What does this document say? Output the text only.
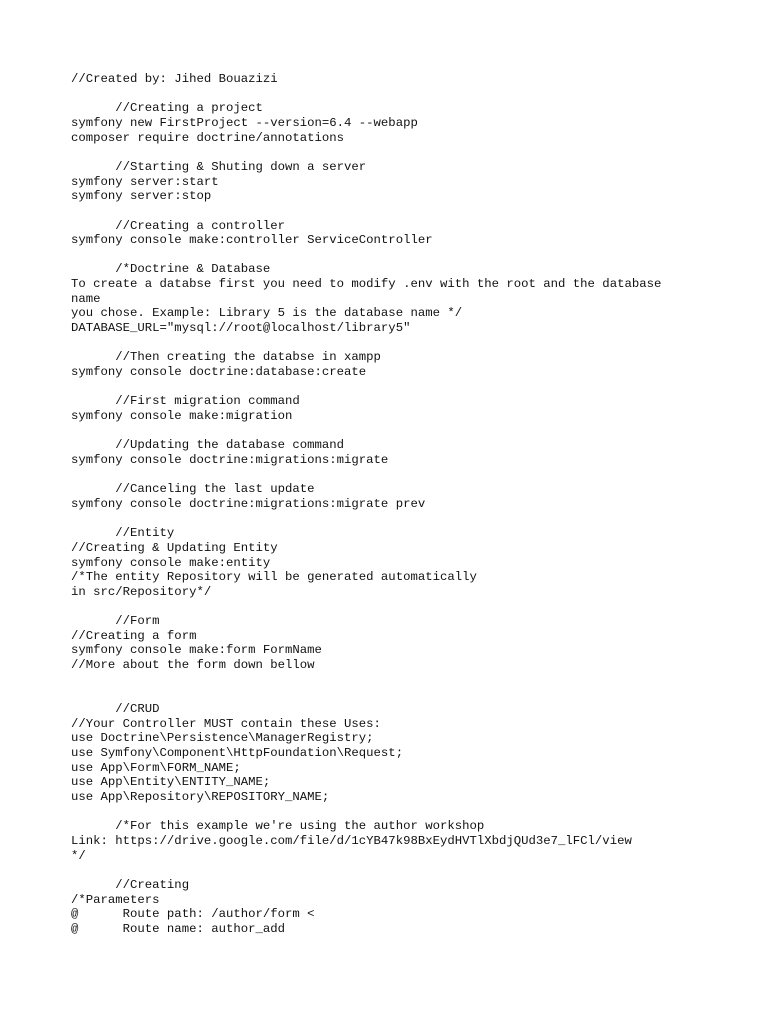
//Created by: Jihed Bouazizi
//Creating a project
symfony new FirstProject --version=6.4 --webapp
composer require doctrine/annotations
//Starting & Shuting down a server
symfony server:start
symfony server:stop
//Creating a controller
symfony console make:controller ServiceController
/*Doctrine & Database
To create a databse first you need to modify .env with the root and the database
name
you chose. Example: Library 5 is the database name */
DATABASE_URL="mysql://root@localhost/library5"
//Then creating the databse in xampp
symfony console doctrine:database:create
//First migration command
symfony console make:migration
//Updating the database command
symfony console doctrine:migrations:migrate
//Canceling the last update
symfony console doctrine:migrations:migrate prev
//Entity
//Creating & Updating Entity
symfony console make:entity
/*The entity Repository will be generated automatically
in src/Repository*/
//Form
//Creating a form
symfony console make:form FormName
//More about the form down bellow
//CRUD
//Your Controller MUST contain these Uses:
use Doctrine\Persistence\ManagerRegistry;
use Symfony\Component\HttpFoundation\Request;
use App\Form\FORM_NAME;
use App\Entity\ENTITY_NAME;
use App\Repository\REPOSITORY_NAME;
/*For this example we're using the author workshop
Link: https://drive.google.com/file/d/1cYB47k98BxEydHVTlXbdjQUd3e7_lFCl/view
*/
//Creating
/*Parameters
@      Route path: /author/form <
@      Route name: author_add
